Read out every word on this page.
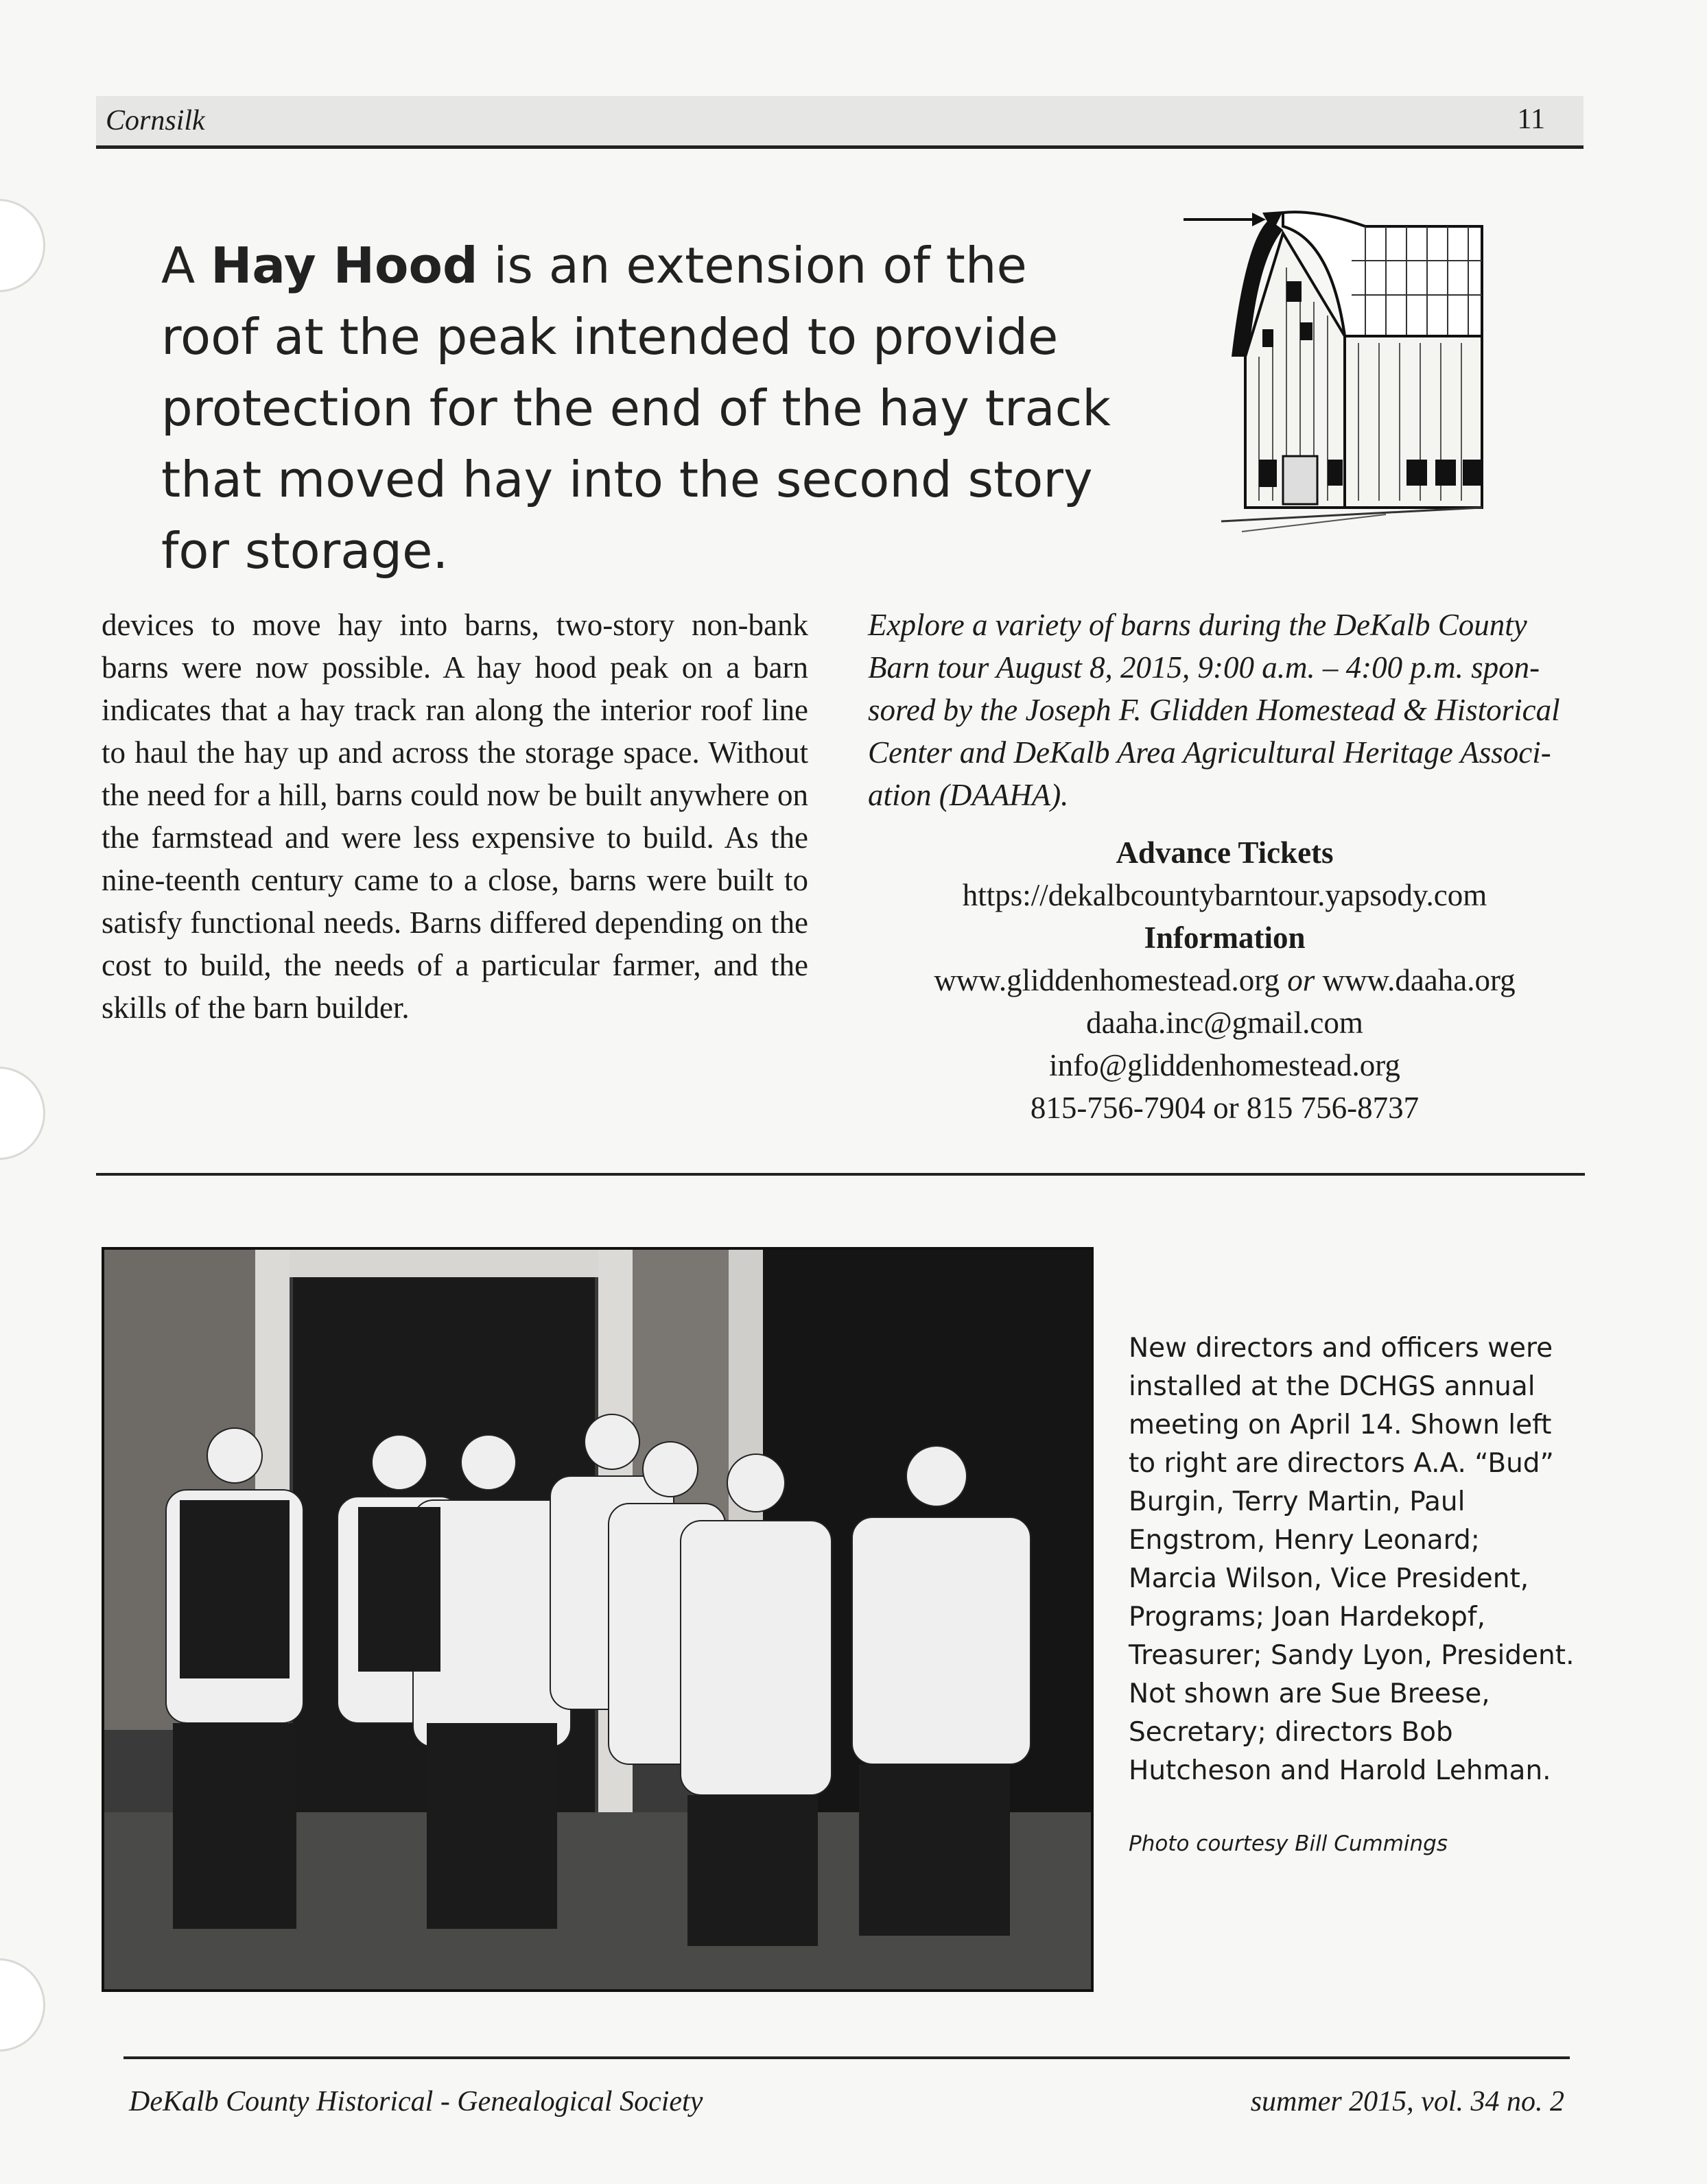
Cornsilk	11
A Hay Hood is an extension of the roof at the peak intended to provide protection for the end of the hay track that moved hay into the second story for storage.
devices to move hay into barns, two-story non-bank barns were now possible. A hay hood peak on a barn indicates that a hay track ran along the interior roof line to haul the hay up and across the storage space. Without the need for a hill, barns could now be built anywhere on the farmstead and were less expensive to build. As the nine-teenth century came to a close, barns were built to satisfy functional needs. Barns differed depending on the cost to build, the needs of a particular farmer, and the skills of the barn builder.
Explore a variety of barns during the DeKalb County Barn tour August 8, 2015, 9:00 a.m. – 4:00 p.m. spon-sored by the Joseph F. Glidden Homestead & Historical Center and DeKalb Area Agricultural Heritage Associ-ation (DAAHA).
Advance Tickets
https://dekalbcountybarntour.yapsody.com
Information
www.gliddenhomestead.org or www.daaha.org
daaha.inc@gmail.com
info@gliddenhomestead.org
815-756-7904 or 815 756-8737
New directors and officers were installed at the DCHGS annual meeting on April 14. Shown left to right are directors A.A. “Bud” Burgin, Terry Martin, Paul Engstrom, Henry Leonard; Marcia Wilson, Vice President, Programs; Joan Hardekopf, Treasurer; Sandy Lyon, President. Not shown are Sue Breese, Secretary; directors Bob Hutcheson and Harold Lehman.
Photo courtesy Bill Cummings
DeKalb County Historical - Genealogical Society	summer 2015, vol. 34 no. 2
